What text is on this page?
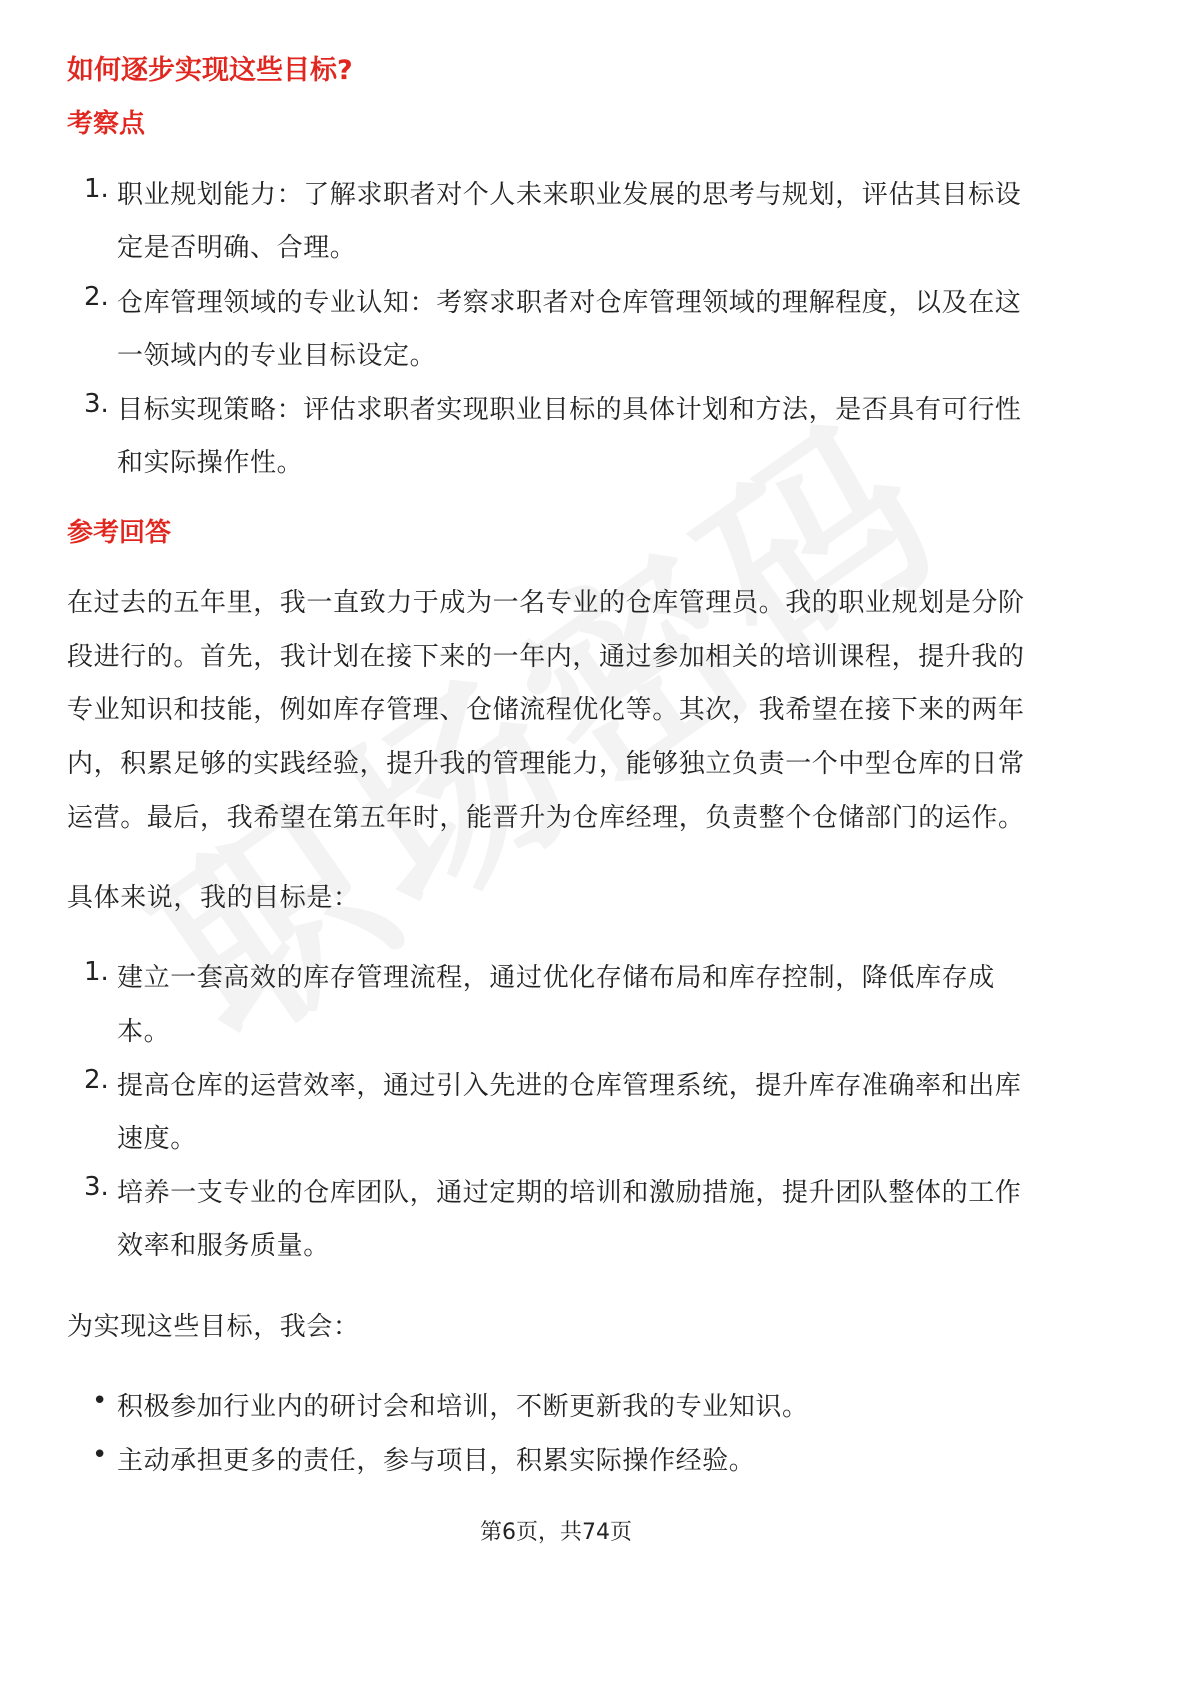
如何逐步实现这些目标?
考察点
1. 职业规划能力：了解求职者对个人未来职业发展的思考与规划，评估其目标设
定是否明确、合理。
2. 仓库管理领域的专业认知：考察求职者对仓库管理领域的理解程度，以及在这
一领域内的专业目标设定。
3. 目标实现策略：评估求职者实现职业目标的具体计划和方法，是否具有可行性
和实际操作性。
参考回答
在过去的五年里，我一直致力于成为一名专业的仓库管理员。我的职业规划是分阶
段进行的。首先，我计划在接下来的一年内，通过参加相关的培训课程，提升我的
专业知识和技能，例如库存管理、仓储流程优化等。其次，我希望在接下来的两年
内，积累足够的实践经验，提升我的管理能力，能够独立负责一个中型仓库的日常
运营。最后，我希望在第五年时，能晋升为仓库经理，负责整个仓储部门的运作。
具体来说，我的目标是：
1. 建立一套高效的库存管理流程，通过优化存储布局和库存控制，降低库存成
本。
2. 提高仓库的运营效率，通过引入先进的仓库管理系统，提升库存准确率和出库
速度。
3. 培养一支专业的仓库团队，通过定期的培训和激励措施，提升团队整体的工作
效率和服务质量。
为实现这些目标，我会：
• 积极参加行业内的研讨会和培训，不断更新我的专业知识。
• 主动承担更多的责任，参与项目，积累实际操作经验。
第6页，共74页
